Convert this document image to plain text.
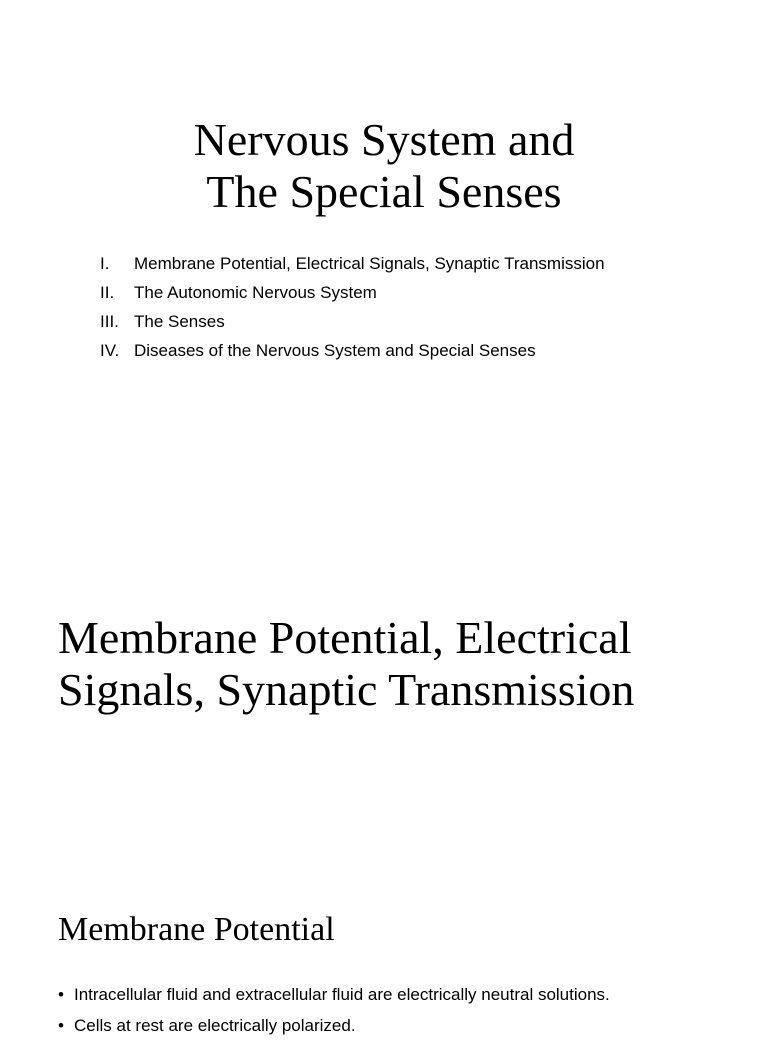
Nervous System and
The Special Senses
I.	Membrane Potential, Electrical Signals, Synaptic Transmission
II.	The Autonomic Nervous System
III. The Senses
IV. Diseases of the Nervous System and Special Senses
Membrane Potential, Electrical
Signals, Synaptic Transmission
Membrane Potential
• Intracellular fluid and extracellular fluid are electrically neutral solutions.
• Cells at rest are electrically polarized.
